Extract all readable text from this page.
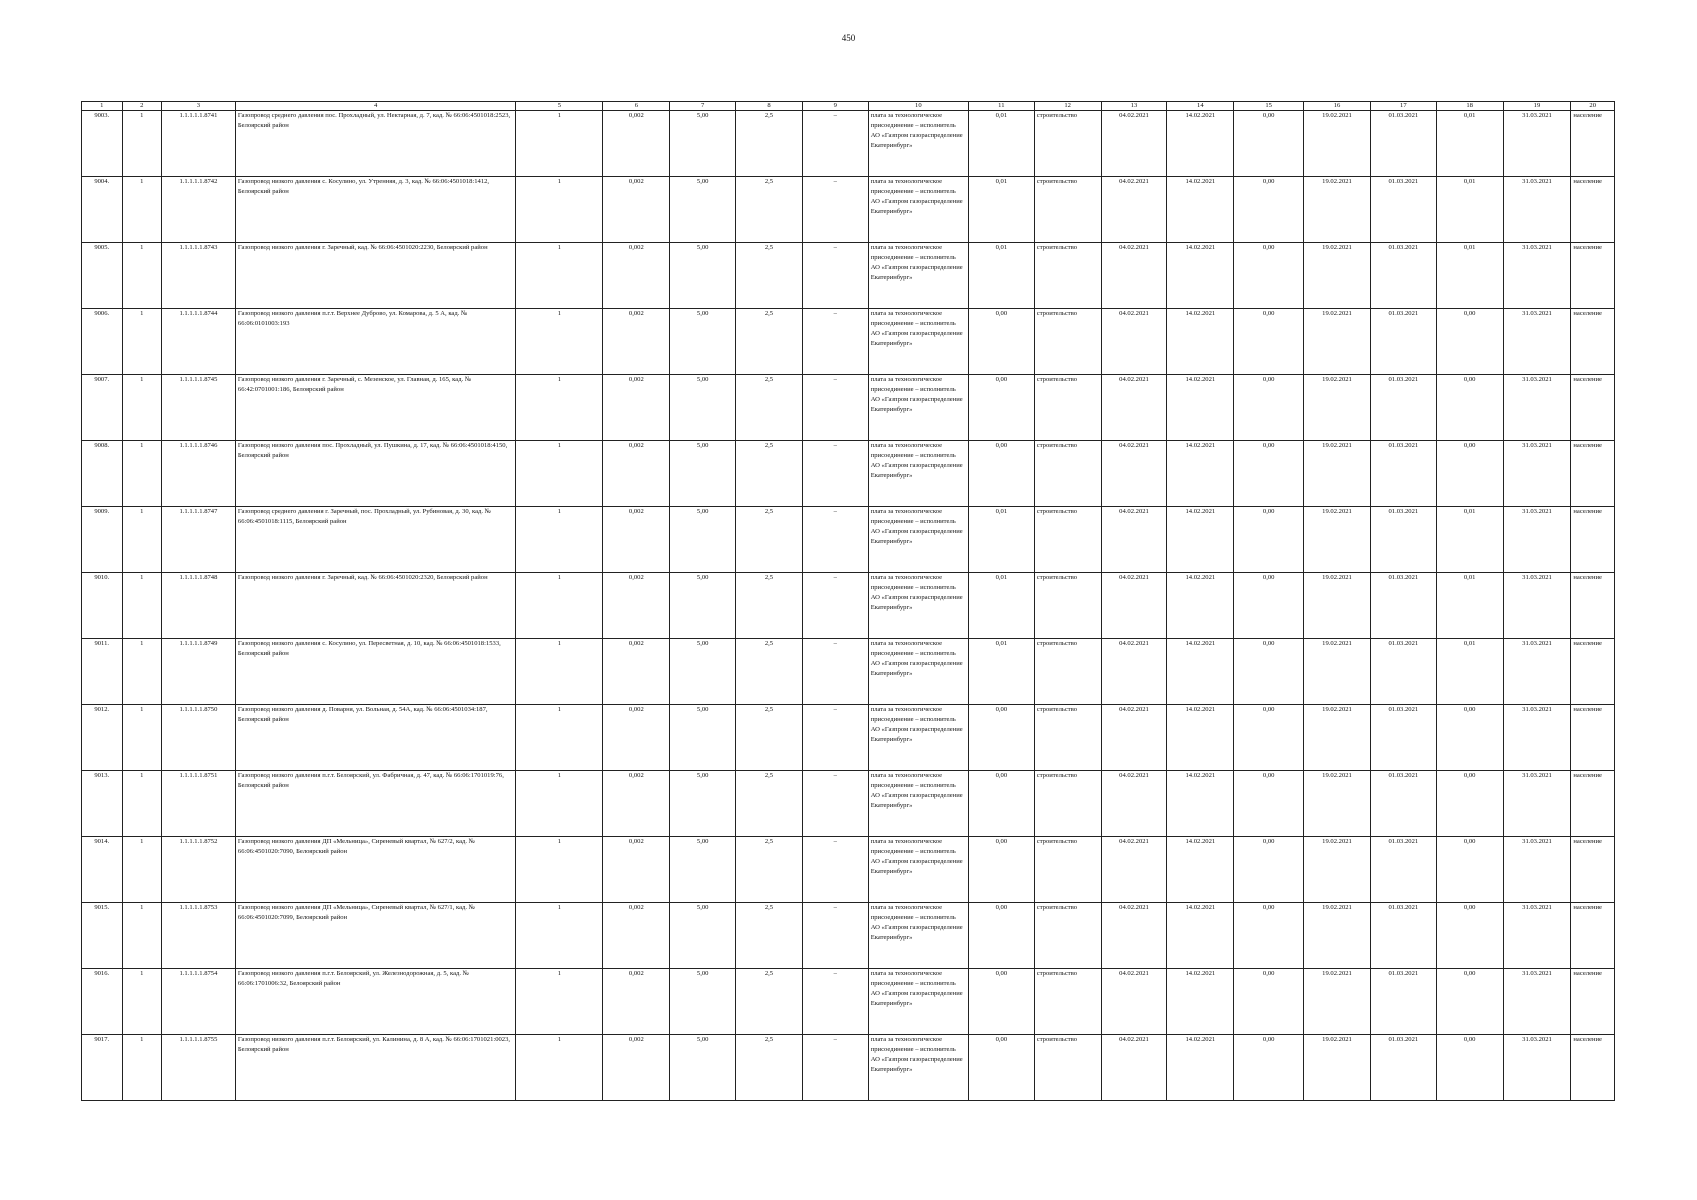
450
1	2	3	4	5	6	7	8	9	10	11	12	13	14	15	16	17	18	19	20
9003.	1	1.1.1.1.1.8741	Газопровод среднего давления пос. Прохладный, ул. Нектарная, д. 7, кад. № 66:06:4501018:2523, Белоярский район	1	0,002	5,00	2,5	–	плата за технологическое присоединение – исполнитель АО «Газпром газораспределение Екатеринбург»	0,01	строительство	04.02.2021	14.02.2021	0,00	19.02.2021	01.03.2021	0,01	31.03.2021	население
9004.	1	1.1.1.1.1.8742	Газопровод низкого давления с. Косулино, ул. Утренняя, д. 3, кад. № 66:06:4501018:1412, Белоярский район	1	0,002	5,00	2,5	–	плата за технологическое присоединение – исполнитель АО «Газпром газораспределение Екатеринбург»	0,01	строительство	04.02.2021	14.02.2021	0,00	19.02.2021	01.03.2021	0,01	31.03.2021	население
9005.	1	1.1.1.1.1.8743	Газопровод низкого давления г. Заречный, кад. № 66:06:4501020:2230, Белоярский район	1	0,002	5,00	2,5	–	плата за технологическое присоединение – исполнитель АО «Газпром газораспределение Екатеринбург»	0,01	строительство	04.02.2021	14.02.2021	0,00	19.02.2021	01.03.2021	0,01	31.03.2021	население
9006.	1	1.1.1.1.1.8744	Газопровод низкого давления п.г.т. Верхнее Дуброво, ул. Комарова, д. 5 А, кад. № 66:06:0101003:193	1	0,002	5,00	2,5	–	плата за технологическое присоединение – исполнитель АО «Газпром газораспределение Екатеринбург»	0,00	строительство	04.02.2021	14.02.2021	0,00	19.02.2021	01.03.2021	0,00	31.03.2021	население
9007.	1	1.1.1.1.1.8745	Газопровод низкого давления г. Заречный, с. Мезенское, ул. Главная, д. 165, кад. № 66:42:0701001:186, Белоярский район	1	0,002	5,00	2,5	–	плата за технологическое присоединение – исполнитель АО «Газпром газораспределение Екатеринбург»	0,00	строительство	04.02.2021	14.02.2021	0,00	19.02.2021	01.03.2021	0,00	31.03.2021	население
9008.	1	1.1.1.1.1.8746	Газопровод низкого давления пос. Прохладный, ул. Пушкина, д. 17, кад. № 66:06:4501018:4150, Белоярский район	1	0,002	5,00	2,5	–	плата за технологическое присоединение – исполнитель АО «Газпром газораспределение Екатеринбург»	0,00	строительство	04.02.2021	14.02.2021	0,00	19.02.2021	01.03.2021	0,00	31.03.2021	население
9009.	1	1.1.1.1.1.8747	Газопровод среднего давления г. Заречный, пос. Прохладный, ул. Рубиновая, д. 30, кад. № 66:06:4501018:1115, Белоярский район	1	0,002	5,00	2,5	–	плата за технологическое присоединение – исполнитель АО «Газпром газораспределение Екатеринбург»	0,01	строительство	04.02.2021	14.02.2021	0,00	19.02.2021	01.03.2021	0,01	31.03.2021	население
9010.	1	1.1.1.1.1.8748	Газопровод низкого давления г. Заречный, кад. № 66:06:4501020:2320, Белоярский район	1	0,002	5,00	2,5	–	плата за технологическое присоединение – исполнитель АО «Газпром газораспределение Екатеринбург»	0,01	строительство	04.02.2021	14.02.2021	0,00	19.02.2021	01.03.2021	0,01	31.03.2021	население
9011.	1	1.1.1.1.1.8749	Газопровод низкого давления с. Косулино, ул. Пересветная, д. 10, кад. № 66:06:4501018:1533, Белоярский район	1	0,002	5,00	2,5	–	плата за технологическое присоединение – исполнитель АО «Газпром газораспределение Екатеринбург»	0,01	строительство	04.02.2021	14.02.2021	0,00	19.02.2021	01.03.2021	0,01	31.03.2021	население
9012.	1	1.1.1.1.1.8750	Газопровод низкого давления д. Поварня, ул. Вольная, д. 54А, кад. № 66:06:4501034:187, Белоярский район	1	0,002	5,00	2,5	–	плата за технологическое присоединение – исполнитель АО «Газпром газораспределение Екатеринбург»	0,00	строительство	04.02.2021	14.02.2021	0,00	19.02.2021	01.03.2021	0,00	31.03.2021	население
9013.	1	1.1.1.1.1.8751	Газопровод низкого давления п.г.т. Белоярский, ул. Фабричная, д. 47, кад. № 66:06:1701019:76, Белоярский район	1	0,002	5,00	2,5	–	плата за технологическое присоединение – исполнитель АО «Газпром газораспределение Екатеринбург»	0,00	строительство	04.02.2021	14.02.2021	0,00	19.02.2021	01.03.2021	0,00	31.03.2021	население
9014.	1	1.1.1.1.1.8752	Газопровод низкого давления ДП «Мельница», Сиреневый квартал, № 627/2, кад. № 66:06:4501020:7090, Белоярский район	1	0,002	5,00	2,5	–	плата за технологическое присоединение – исполнитель АО «Газпром газораспределение Екатеринбург»	0,00	строительство	04.02.2021	14.02.2021	0,00	19.02.2021	01.03.2021	0,00	31.03.2021	население
9015.	1	1.1.1.1.1.8753	Газопровод низкого давления ДП «Мельница», Сиреневый квартал, № 627/1, кад. № 66:06:4501020:7099, Белоярский район	1	0,002	5,00	2,5	–	плата за технологическое присоединение – исполнитель АО «Газпром газораспределение Екатеринбург»	0,00	строительство	04.02.2021	14.02.2021	0,00	19.02.2021	01.03.2021	0,00	31.03.2021	население
9016.	1	1.1.1.1.1.8754	Газопровод низкого давления п.г.т. Белоярский, ул. Железнодорожная, д. 5, кад. № 66:06:1701006:32, Белоярский район	1	0,002	5,00	2,5	–	плата за технологическое присоединение – исполнитель АО «Газпром газораспределение Екатеринбург»	0,00	строительство	04.02.2021	14.02.2021	0,00	19.02.2021	01.03.2021	0,00	31.03.2021	население
9017.	1	1.1.1.1.1.8755	Газопровод низкого давления п.г.т. Белоярский, ул. Калинина, д. 8 А, кад. № 66:06:1701021:0023, Белоярский район	1	0,002	5,00	2,5	–	плата за технологическое присоединение – исполнитель АО «Газпром газораспределение Екатеринбург»	0,00	строительство	04.02.2021	14.02.2021	0,00	19.02.2021	01.03.2021	0,00	31.03.2021	население
